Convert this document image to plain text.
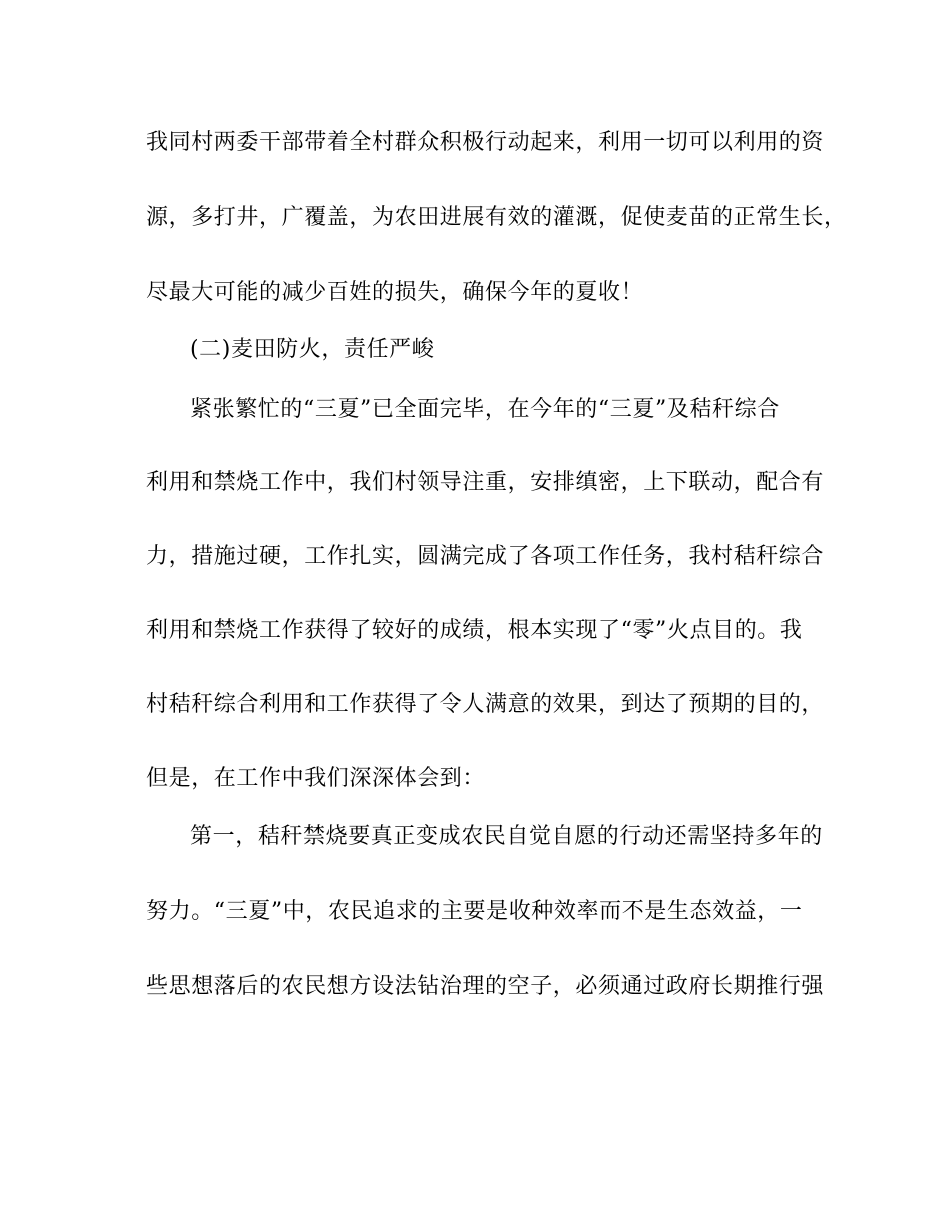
我同村两委干部带着全村群众积极行动起来，利用一切可以利用的资

源，多打井，广覆盖，为农田进展有效的灌溉，促使麦苗的正常生长，

尽最大可能的减少百姓的损失，确保今年的夏收！

(二)麦田防火，责任严峻

紧张繁忙的“三夏”已全面完毕，在今年的“三夏”及秸秆综合

利用和禁烧工作中，我们村领导注重，安排缜密，上下联动，配合有

力，措施过硬，工作扎实，圆满完成了各项工作任务，我村秸秆综合

利用和禁烧工作获得了较好的成绩，根本实现了“零”火点目的。我

村秸秆综合利用和工作获得了令人满意的效果，到达了预期的目的，

但是，在工作中我们深深体会到：

第一，秸秆禁烧要真正变成农民自觉自愿的行动还需坚持多年的

努力。“三夏”中，农民追求的主要是收种效率而不是生态效益，一

些思想落后的农民想方设法钻治理的空子，必须通过政府长期推行强
